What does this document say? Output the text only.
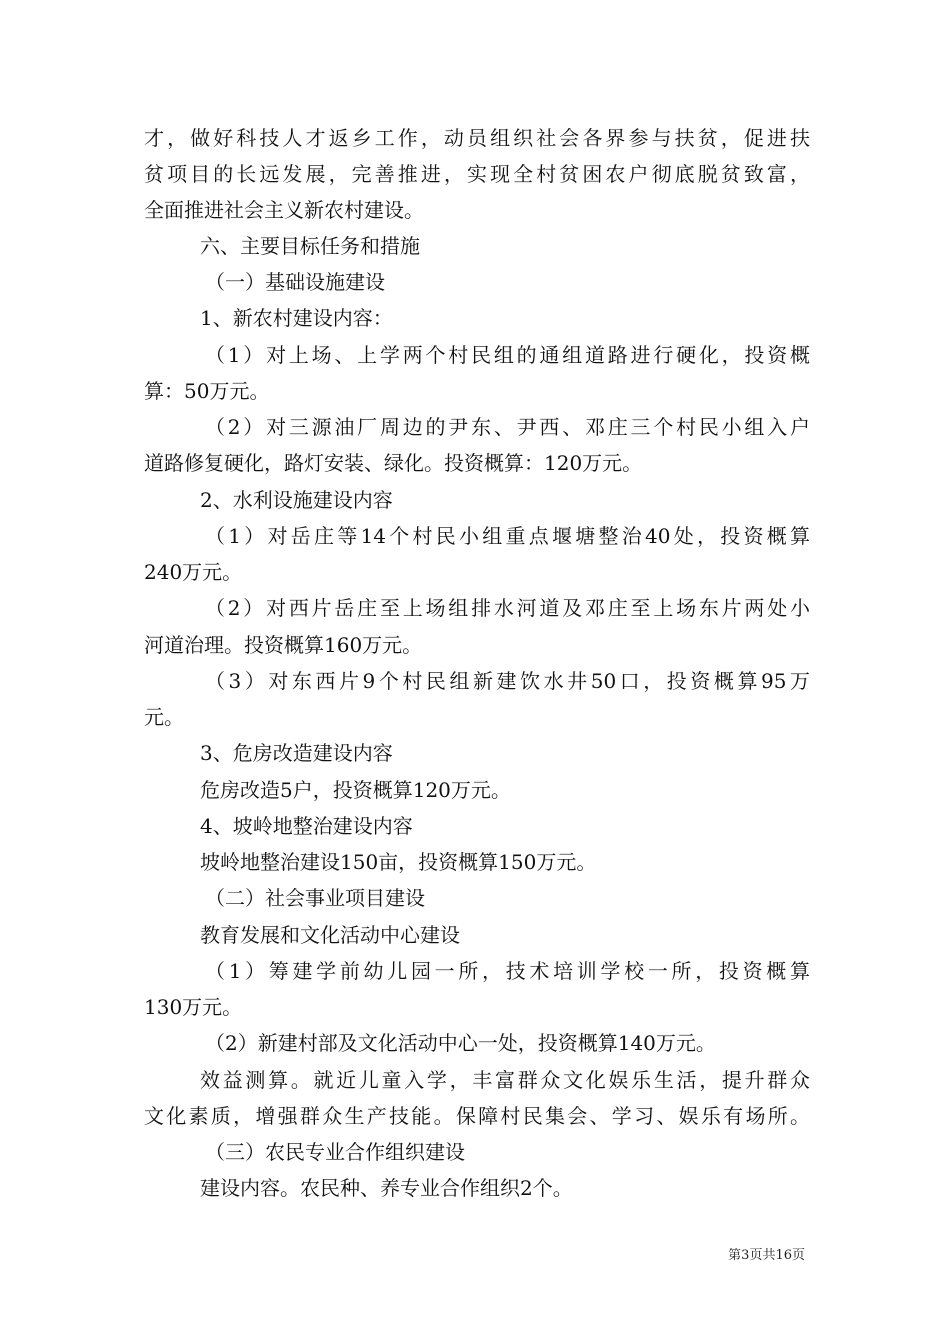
才，做好科技人才返乡工作，动员组织社会各界参与扶贫，促进扶
贫项目的长远发展，完善推进，实现全村贫困农户彻底脱贫致富，
全面推进社会主义新农村建设。
六、主要目标任务和措施
（一）基础设施建设
1、新农村建设内容：
（1）对上场、上学两个村民组的通组道路进行硬化，投资概
算：50万元。
（2）对三源油厂周边的尹东、尹西、邓庄三个村民小组入户
道路修复硬化，路灯安装、绿化。投资概算：120万元。
2、水利设施建设内容
（1）对岳庄等14个村民小组重点堰塘整治40处，投资概算
240万元。
（2）对西片岳庄至上场组排水河道及邓庄至上场东片两处小
河道治理。投资概算160万元。
（3）对东西片9个村民组新建饮水井50口，投资概算95万
元。
3、危房改造建设内容
危房改造5户，投资概算120万元。
4、坡岭地整治建设内容
坡岭地整治建设150亩，投资概算150万元。
（二）社会事业项目建设
教育发展和文化活动中心建设
（1）筹建学前幼儿园一所，技术培训学校一所，投资概算
130万元。
（2）新建村部及文化活动中心一处，投资概算140万元。
效益测算。就近儿童入学，丰富群众文化娱乐生活，提升群众
文化素质，增强群众生产技能。保障村民集会、学习、娱乐有场所。
（三）农民专业合作组织建设
建设内容。农民种、养专业合作组织2个。
第3页共16页
